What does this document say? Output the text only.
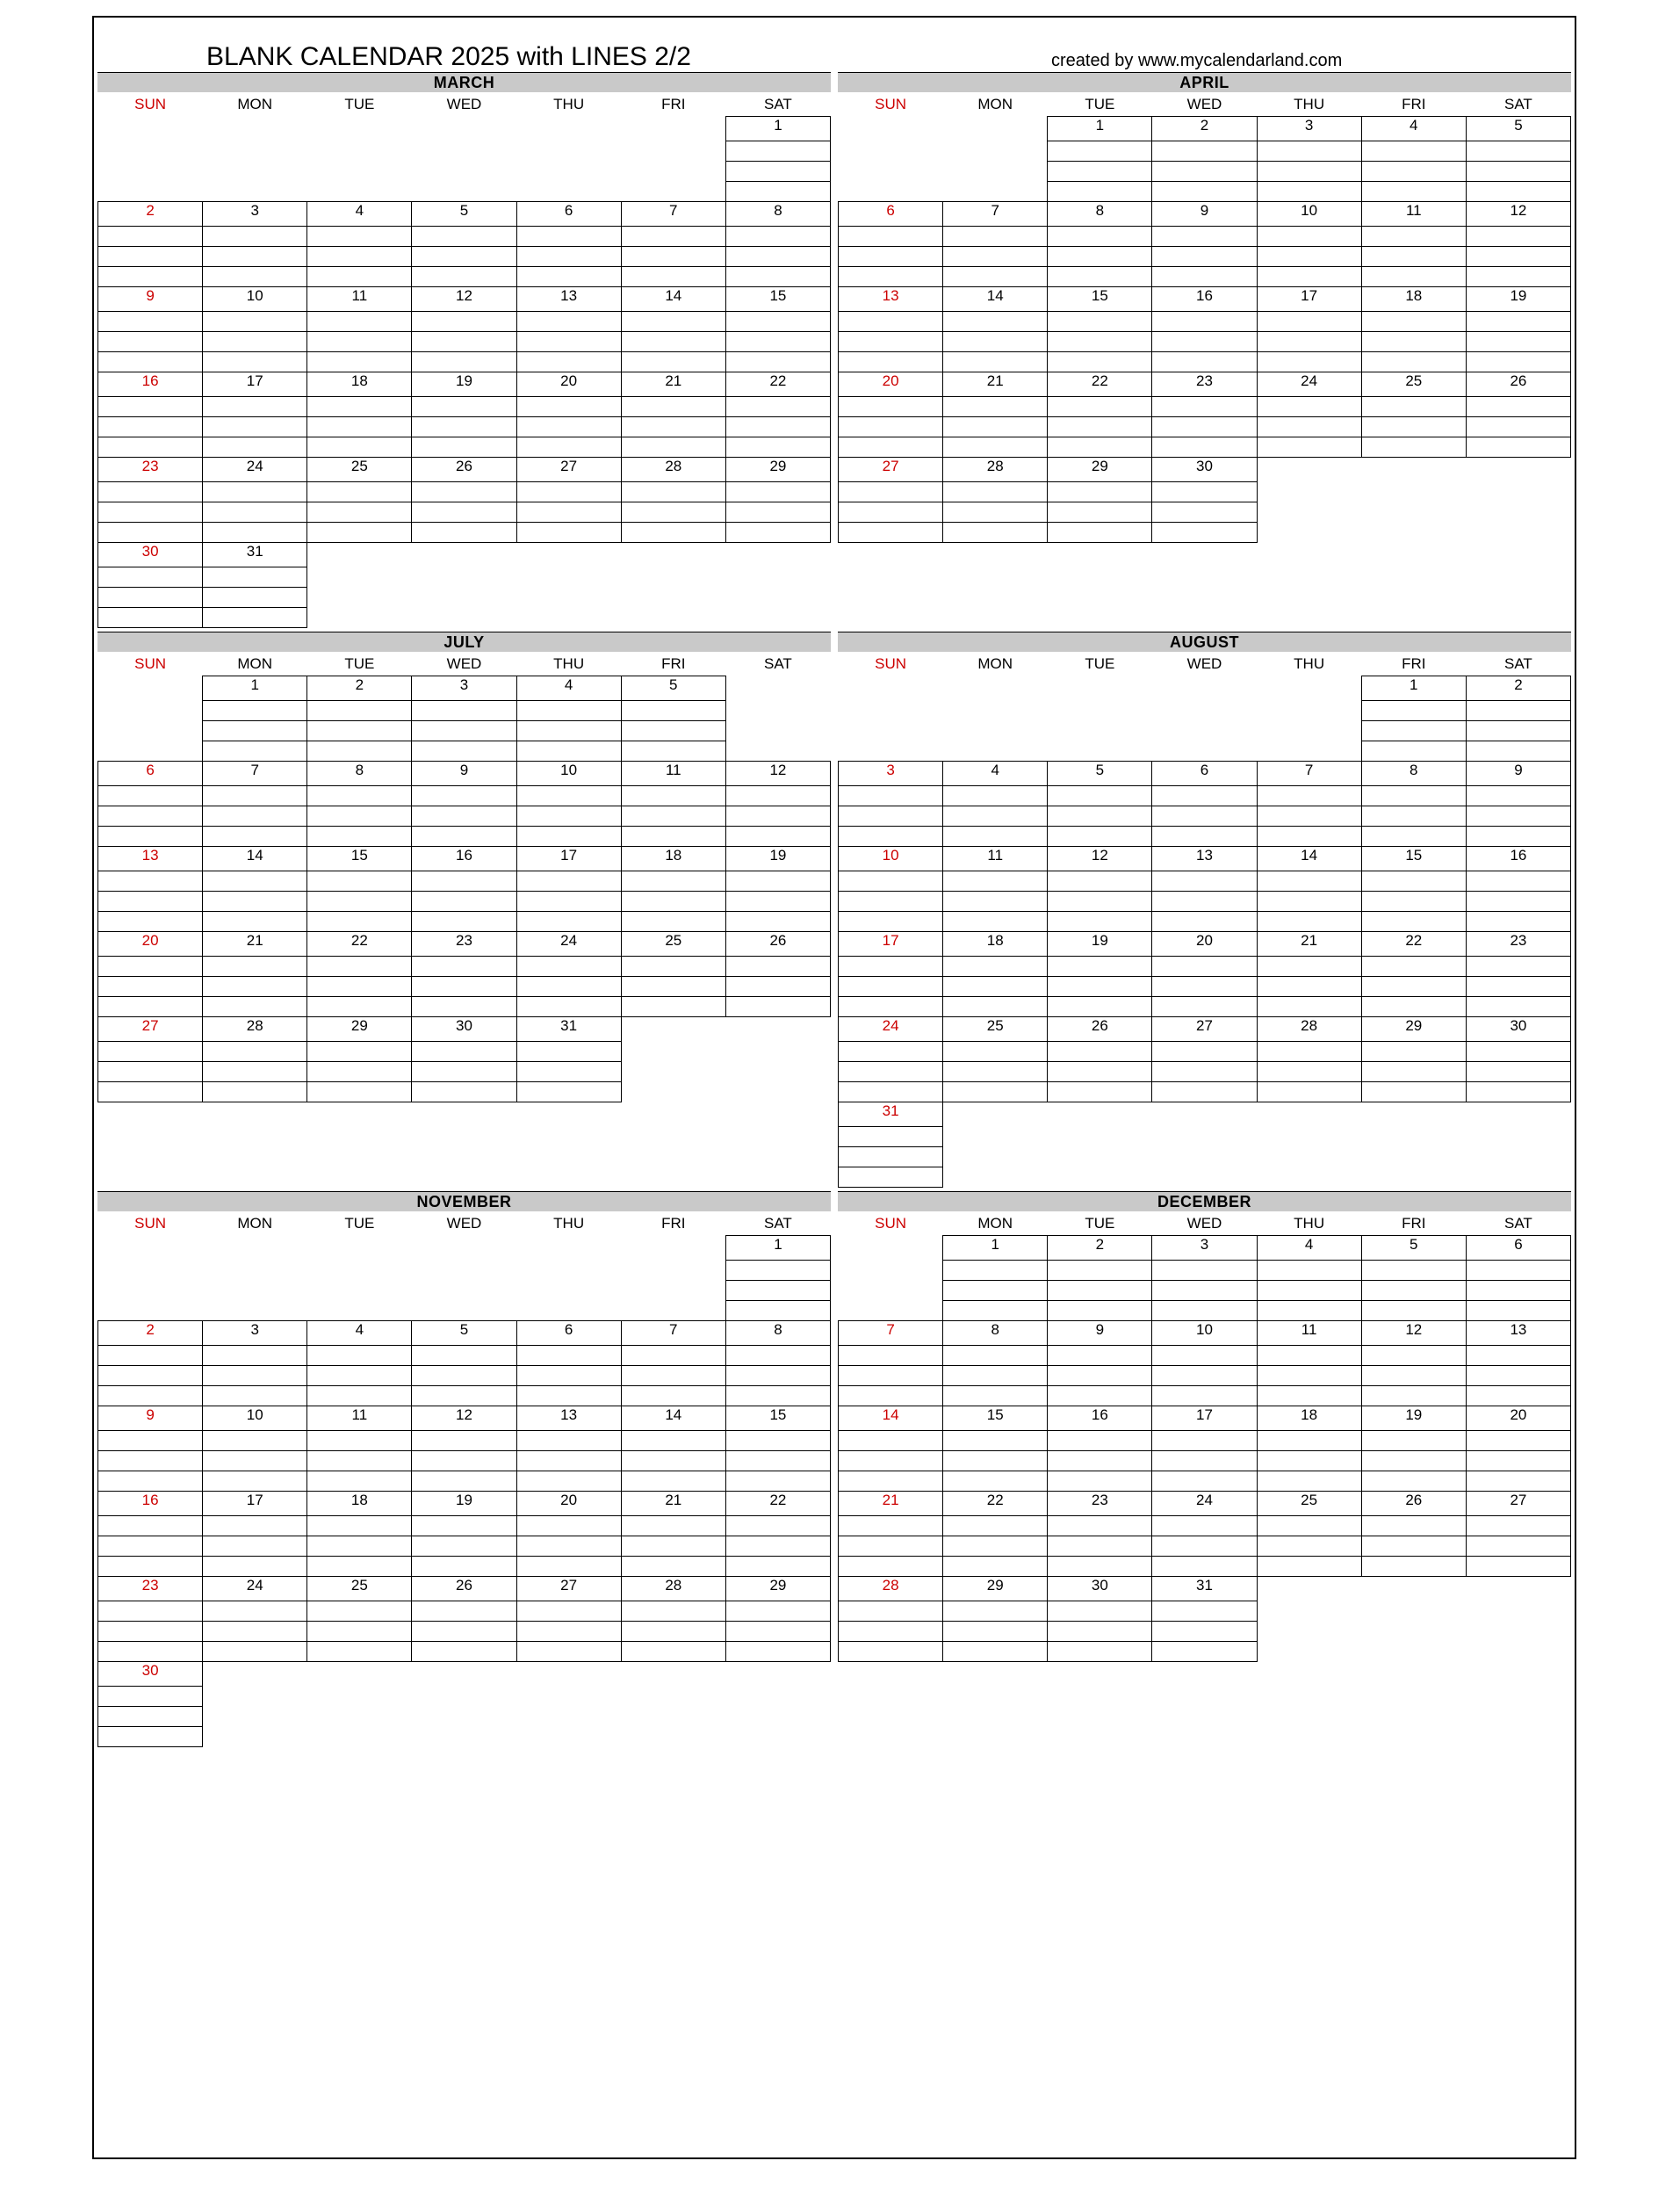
BLANK CALENDAR 2025 with LINES 2/2	created by www.mycalendarland.com
MARCH
SUN	MON	TUE	WED	THU	FRI	SAT
						1

2	3	4	5	6	7	8

9	10	11	12	13	14	15

16	17	18	19	20	21	22

23	24	25	26	27	28	29

30	31					

APRIL
SUN	MON	TUE	WED	THU	FRI	SAT
		1	2	3	4	5

6	7	8	9	10	11	12

13	14	15	16	17	18	19

20	21	22	23	24	25	26

27	28	29	30			

JULY
SUN	MON	TUE	WED	THU	FRI	SAT
	1	2	3	4	5	

6	7	8	9	10	11	12

13	14	15	16	17	18	19

20	21	22	23	24	25	26

27	28	29	30	31		

AUGUST
SUN	MON	TUE	WED	THU	FRI	SAT
					1	2

3	4	5	6	7	8	9

10	11	12	13	14	15	16

17	18	19	20	21	22	23

24	25	26	27	28	29	30

31						

NOVEMBER
SUN	MON	TUE	WED	THU	FRI	SAT
						1

2	3	4	5	6	7	8

9	10	11	12	13	14	15

16	17	18	19	20	21	22

23	24	25	26	27	28	29

30						

DECEMBER
SUN	MON	TUE	WED	THU	FRI	SAT
	1	2	3	4	5	6

7	8	9	10	11	12	13

14	15	16	17	18	19	20

21	22	23	24	25	26	27

28	29	30	31			
